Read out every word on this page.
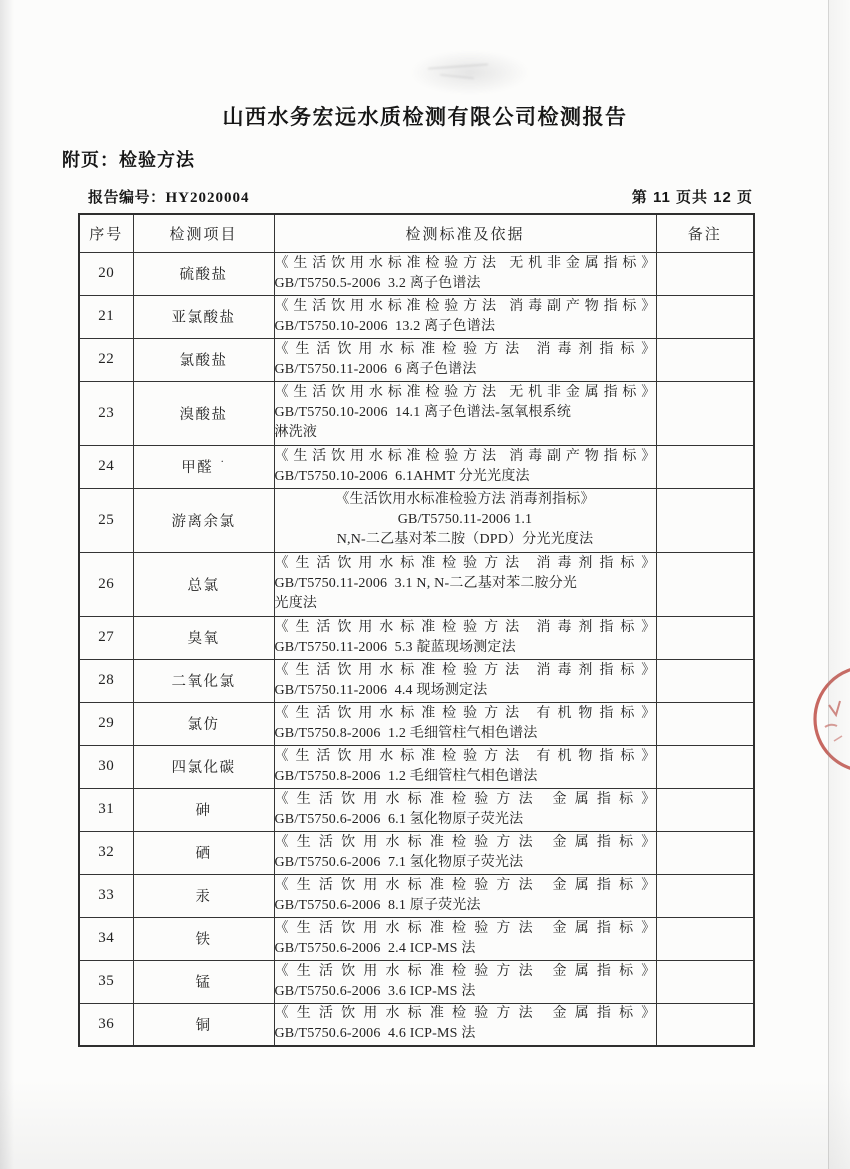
山西水务宏远水质检测有限公司检测报告
附页：检验方法
报告编号：HY2020004	第 11 页共 12 页
序号	检测项目	检测标准及依据	备注
20	硫酸盐	《生活饮用水标准检验方法 无机非金属指标》
GB/T5750.5-2006  3.2 离子色谱法	

21	亚氯酸盐	《生活饮用水标准检验方法 消毒副产物指标》
GB/T5750.10-2006  13.2 离子色谱法	

22	氯酸盐	《生活饮用水标准检验方法 消毒剂指标》
GB/T5750.11-2006  6 离子色谱法	

23	溴酸盐	《生活饮用水标准检验方法 无机非金属指标》
GB/T5750.10-2006  14.1 离子色谱法-氢氧根系统
淋洗液	

24	甲醛 ·	《生活饮用水标准检验方法 消毒副产物指标》
GB/T5750.10-2006  6.1AHMT 分光光度法	

25	游离余氯	《生活饮用水标准检验方法 消毒剂指标》
GB/T5750.11-2006 1.1
N,N-二乙基对苯二胺（DPD）分光光度法	

26	总氯	《生活饮用水标准检验方法 消毒剂指标》
GB/T5750.11-2006  3.1 N, N-二乙基对苯二胺分光
光度法	

27	臭氧	《生活饮用水标准检验方法 消毒剂指标》
GB/T5750.11-2006  5.3 靛蓝现场测定法	

28	二氧化氯	《生活饮用水标准检验方法 消毒剂指标》
GB/T5750.11-2006  4.4 现场测定法	

29	氯仿	《生活饮用水标准检验方法 有机物指标》
GB/T5750.8-2006  1.2 毛细管柱气相色谱法	

30	四氯化碳	《生活饮用水标准检验方法 有机物指标》
GB/T5750.8-2006  1.2 毛细管柱气相色谱法	

31	砷	《生活饮用水标准检验方法 金属指标》
GB/T5750.6-2006  6.1 氢化物原子荧光法	

32	硒	《生活饮用水标准检验方法 金属指标》
GB/T5750.6-2006  7.1 氢化物原子荧光法	

33	汞	《生活饮用水标准检验方法 金属指标》
GB/T5750.6-2006  8.1 原子荧光法	

34	铁	《生活饮用水标准检验方法 金属指标》
GB/T5750.6-2006  2.4 ICP-MS 法	

35	锰	《生活饮用水标准检验方法 金属指标》
GB/T5750.6-2006  3.6 ICP-MS 法	

36	铜	《生活饮用水标准检验方法 金属指标》
GB/T5750.6-2006  4.6 ICP-MS 法	
